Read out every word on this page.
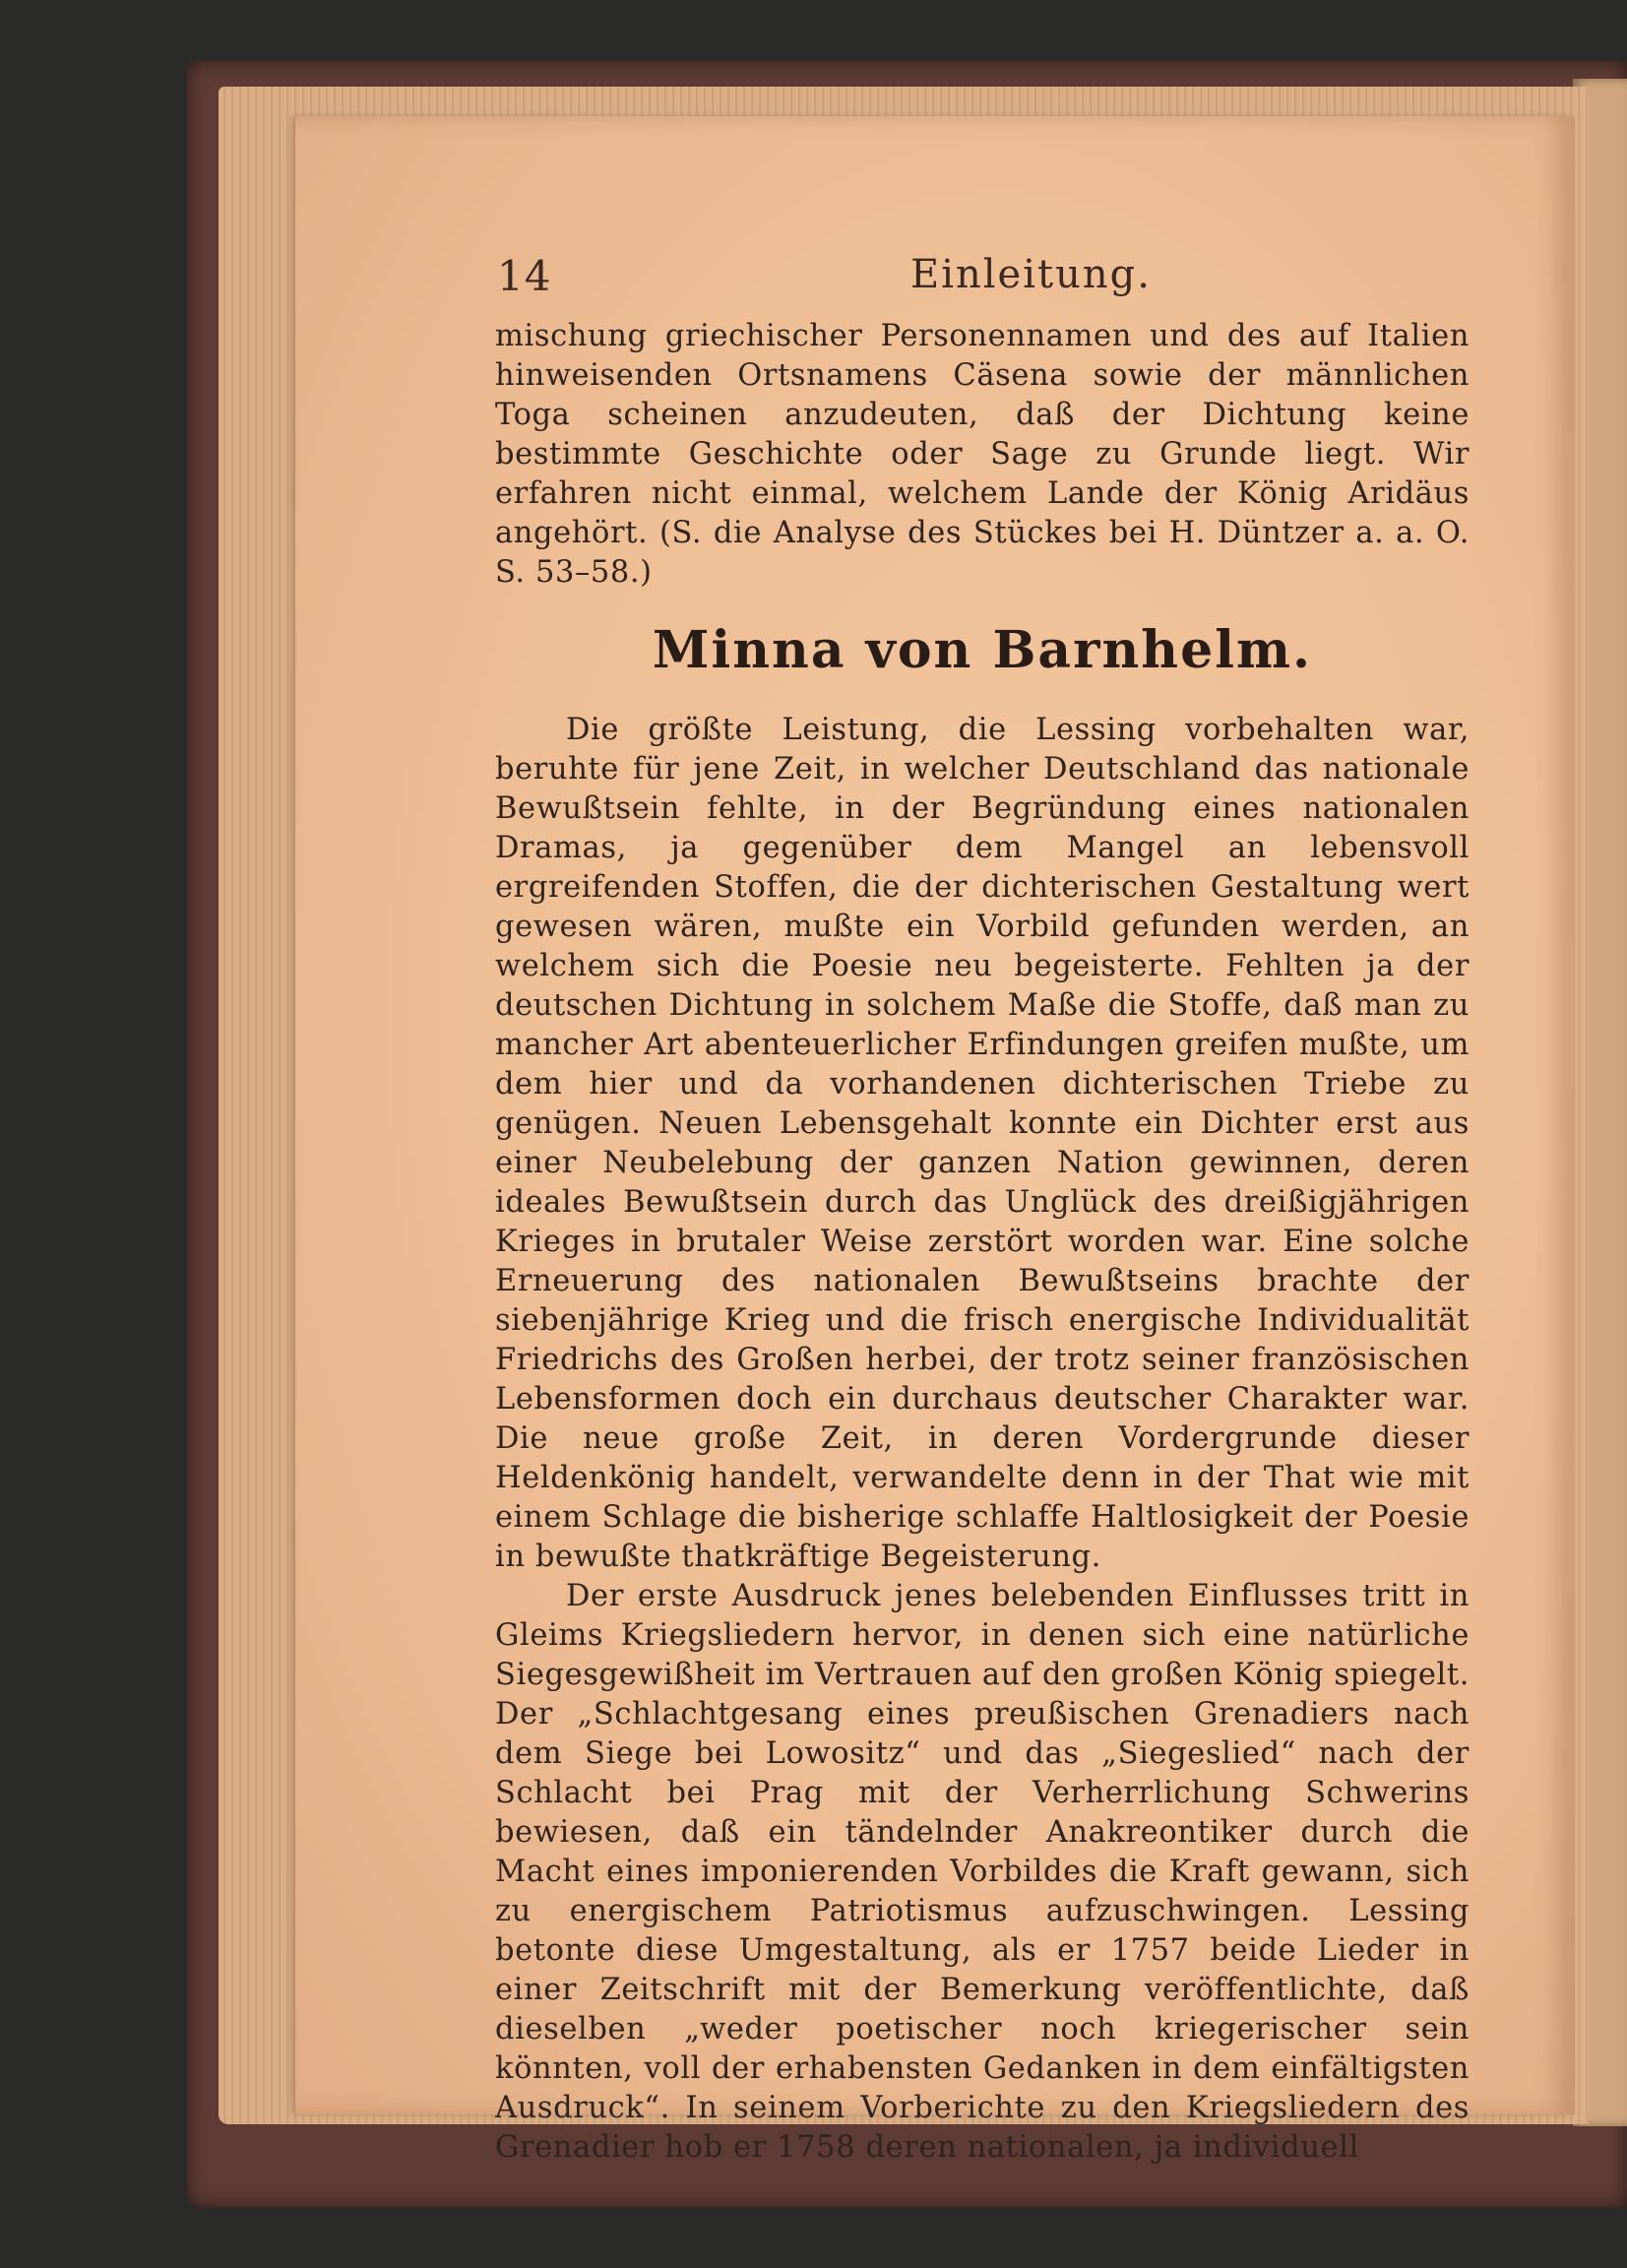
14	Einleitung.

mischung griechischer Personennamen und des auf Italien hinweisenden Ortsnamens Cäsena sowie der männlichen Toga scheinen anzudeuten, daß der Dichtung keine bestimmte Geschichte oder Sage zu Grunde liegt. Wir erfahren nicht einmal, welchem Lande der König Aridäus angehört. (S. die Analyse des Stückes bei H. Düntzer a. a. O. S. 53–58.)

Minna von Barnhelm.

Die größte Leistung, die Lessing vorbehalten war, beruhte für jene Zeit, in welcher Deutschland das nationale Bewußtsein fehlte, in der Begründung eines nationalen Dramas, ja gegenüber dem Mangel an lebensvoll ergreifenden Stoffen, die der dichterischen Gestaltung wert gewesen wären, mußte ein Vorbild gefunden werden, an welchem sich die Poesie neu begeisterte. Fehlten ja der deutschen Dichtung in solchem Maße die Stoffe, daß man zu mancher Art abenteuerlicher Erfindungen greifen mußte, um dem hier und da vorhandenen dichterischen Triebe zu genügen. Neuen Lebensgehalt konnte ein Dichter erst aus einer Neubelebung der ganzen Nation gewinnen, deren ideales Bewußtsein durch das Unglück des dreißigjährigen Krieges in brutaler Weise zerstört worden war. Eine solche Erneuerung des nationalen Bewußtseins brachte der siebenjährige Krieg und die frisch energische Individualität Friedrichs des Großen herbei, der trotz seiner französischen Lebensformen doch ein durchaus deutscher Charakter war. Die neue große Zeit, in deren Vordergrunde dieser Heldenkönig handelt, verwandelte denn in der That wie mit einem Schlage die bisherige schlaffe Haltlosigkeit der Poesie in bewußte thatkräftige Begeisterung.

Der erste Ausdruck jenes belebenden Einflusses tritt in Gleims Kriegsliedern hervor, in denen sich eine natürliche Siegesgewißheit im Vertrauen auf den großen König spiegelt. Der „Schlachtgesang eines preußischen Grenadiers nach dem Siege bei Lowositz“ und das „Siegeslied“ nach der Schlacht bei Prag mit der Verherrlichung Schwerins bewiesen, daß ein tändelnder Anakreontiker durch die Macht eines imponierenden Vorbildes die Kraft gewann, sich zu energischem Patriotismus aufzuschwingen. Lessing betonte diese Umgestaltung, als er 1757 beide Lieder in einer Zeitschrift mit der Bemerkung veröffentlichte, daß dieselben „weder poetischer noch kriegerischer sein könnten, voll der erhabensten Gedanken in dem einfältigsten Ausdruck“. In seinem Vorberichte zu den Kriegsliedern des Grenadier hob er 1758 deren nationalen, ja individuell
